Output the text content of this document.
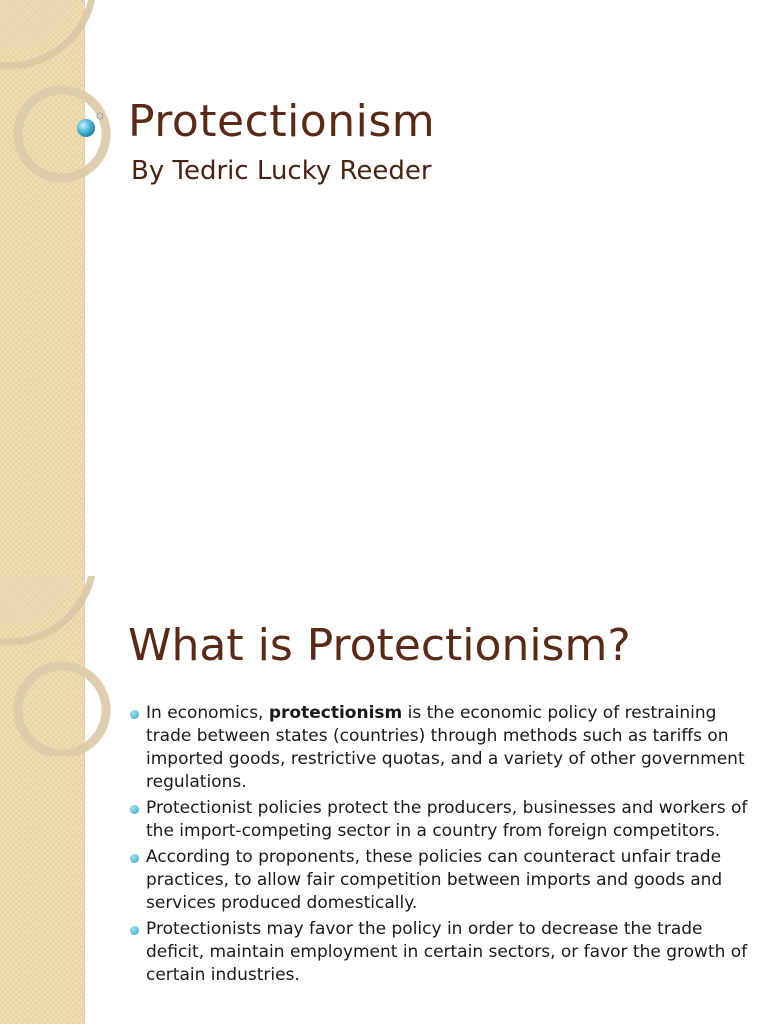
Protectionism
By Tedric Lucky Reeder
What is Protectionism?
In economics, protectionism is the economic policy of restraining trade between states (countries) through methods such as tariffs on imported goods, restrictive quotas, and a variety of other government regulations.
Protectionist policies protect the producers, businesses and workers of the import-competing sector in a country from foreign competitors.
According to proponents, these policies can counteract unfair trade practices, to allow fair competition between imports and goods and services produced domestically.
Protectionists may favor the policy in order to decrease the trade deficit, maintain employment in certain sectors, or favor the growth of certain industries.
